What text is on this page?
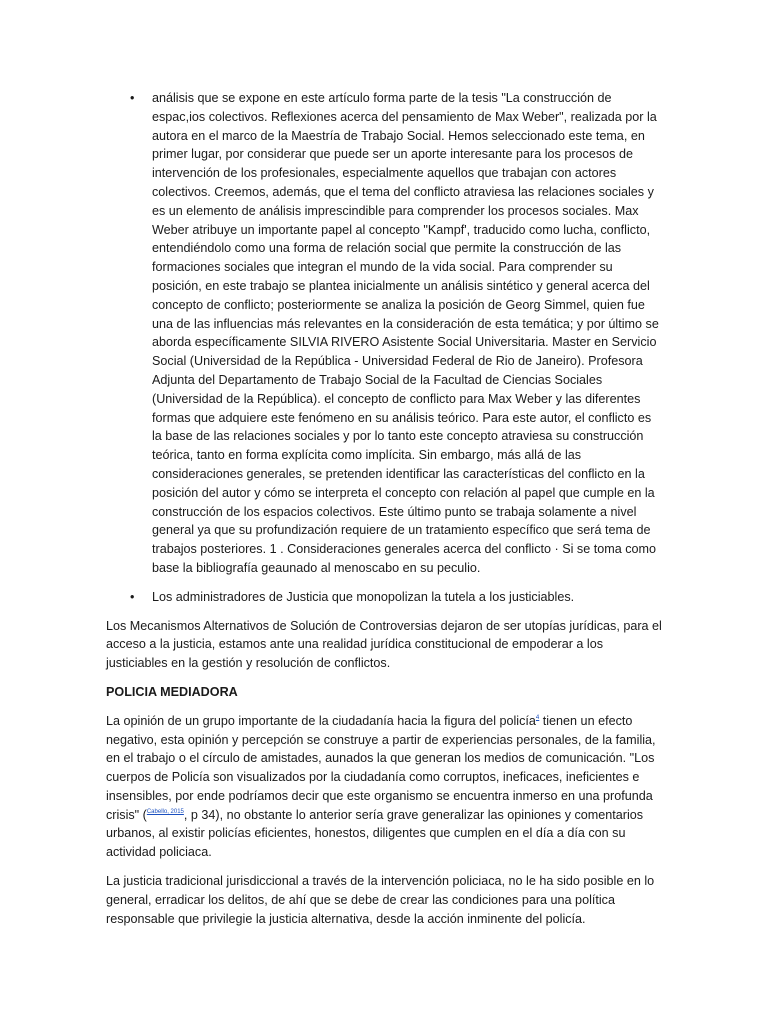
• análisis que se expone en este artículo forma parte de la tesis "La construcción de espac,ios colectivos. Reflexiones acerca del pensamiento de Max Weber", realizada por la autora en el marco de la Maestría de Trabajo Social. Hemos seleccionado este tema, en primer lugar, por considerar que puede ser un aporte interesante para los procesos de intervención de los profesionales, especialmente aquellos que trabajan con actores colectivos. Creemos, además, que el tema del conflicto atraviesa las relaciones sociales y es un elemento de análisis imprescindible para comprender los procesos sociales. Max Weber atribuye un importante papel al concepto "Kampf', traducido como lucha, conflicto, entendiéndolo como una forma de relación social que permite la construcción de las formaciones sociales que integran el mundo de la vida social. Para comprender su posición, en este trabajo se plantea inicialmente un análisis sintético y general acerca del concepto de conflicto; posteriormente se analiza la posición de Georg Simmel, quien fue una de las influencias más relevantes en la consideración de esta temática; y por último se aborda específicamente SILVIA RIVERO Asistente Social Universitaria. Master en Servicio Social (Universidad de la República - Universidad Federal de Rio de Janeiro). Profesora Adjunta del Departamento de Trabajo Social de la Facultad de Ciencias Sociales (Universidad de la República). el concepto de conflicto para Max Weber y las diferentes formas que adquiere este fenómeno en su análisis teórico. Para este autor, el conflicto es la base de las relaciones sociales y por lo tanto este concepto atraviesa su construcción teórica, tanto en forma explícita como implícita. Sin embargo, más allá de las consideraciones generales, se pretenden identificar las características del conflicto en la posición del autor y cómo se interpreta el concepto con relación al papel que cumple en la construcción de los espacios colectivos. Este último punto se trabaja solamente a nivel general ya que su profundización requiere de un tratamiento específico que será tema de trabajos posteriores. 1 . Consideraciones generales acerca del conflicto · Si se toma como base la bibliografía geaunado al menoscabo en su peculio.
• Los administradores de Justicia que monopolizan la tutela a los justiciables.

Los Mecanismos Alternativos de Solución de Controversias dejaron de ser utopías jurídicas, para el acceso a la justicia, estamos ante una realidad jurídica constitucional de empoderar a los justiciables en la gestión y resolución de conflictos.

POLICIA MEDIADORA

La opinión de un grupo importante de la ciudadanía hacia la figura del policía$^4$ tienen un efecto negativo, esta opinión y percepción se construye a partir de experiencias personales, de la familia, en el trabajo o el círculo de amistades, aunados la que generan los medios de comunicación. "Los cuerpos de Policía son visualizados por la ciudadanía como corruptos, ineficaces, ineficientes e insensibles, por ende podríamos decir que este organismo se encuentra inmerso en una profunda crisis" ($^{Cabello, 2015}$, p 34), no obstante lo anterior sería grave generalizar las opiniones y comentarios urbanos, al existir policías eficientes, honestos, diligentes que cumplen en el día a día con su actividad policiaca.

La justicia tradicional jurisdiccional a través de la intervención policiaca, no le ha sido posible en lo general, erradicar los delitos, de ahí que se debe de crear las condiciones para una política responsable que privilegie la justicia alternativa, desde la acción inminente del policía.
